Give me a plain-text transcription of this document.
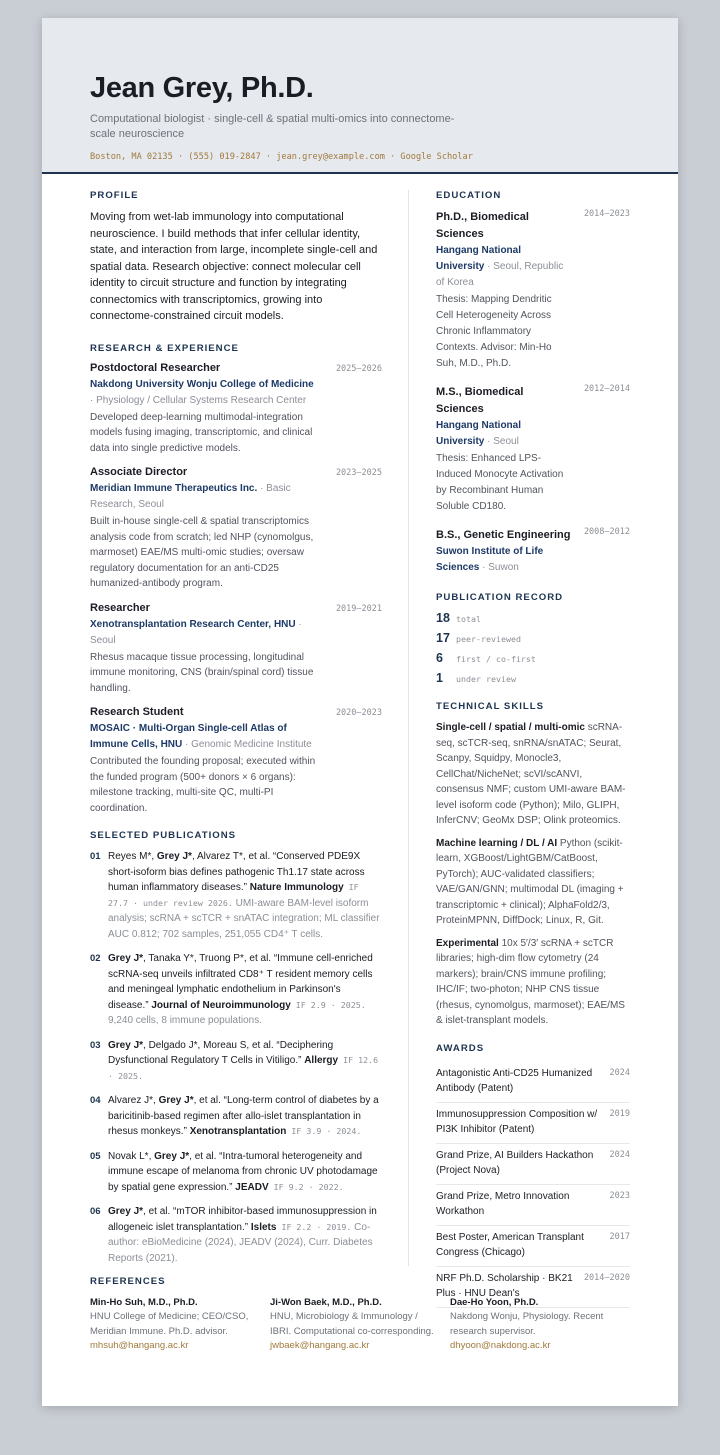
Jean Grey, Ph.D.
Computational biologist · single-cell & spatial multi-omics into connectome-scale neuroscience
Boston, MA 02135 · (555) 019-2847 · jean.grey@example.com · Google Scholar
PROFILE
Moving from wet-lab immunology into computational neuroscience. I build methods that infer cellular identity, state, and interaction from large, incomplete single-cell and spatial data. Research objective: connect molecular cell identity to circuit structure and function by integrating connectomics with transcriptomics, growing into connectome-constrained circuit models.
RESEARCH & EXPERIENCE
Postdoctoral Researcher	2025–2026
Nakdong University Wonju College of Medicine · Physiology / Cellular Systems Research Center
Developed deep-learning multimodal-integration models fusing imaging, transcriptomic, and clinical data into single predictive models.
Associate Director	2023–2025
Meridian Immune Therapeutics Inc. · Basic Research, Seoul
Built in-house single-cell & spatial transcriptomics analysis code from scratch; led NHP (cynomolgus, marmoset) EAE/MS multi-omic studies; oversaw regulatory documentation for an anti-CD25 humanized-antibody program.
Researcher	2019–2021
Xenotransplantation Research Center, HNU · Seoul
Rhesus macaque tissue processing, longitudinal immune monitoring, CNS (brain/spinal cord) tissue handling.
Research Student	2020–2023
MOSAIC · Multi-Organ Single-cell Atlas of Immune Cells, HNU · Genomic Medicine Institute
Contributed the founding proposal; executed within the funded program (500+ donors × 6 organs): milestone tracking, multi-site QC, multi-PI coordination.
SELECTED PUBLICATIONS
01 Reyes M*, Grey J*, Alvarez T*, et al. “Conserved PDE9X short-isoform bias defines pathogenic Th1.17 state across human inflammatory diseases.” Nature Immunology IF 27.7 · under review 2026. UMI-aware BAM-level isoform analysis; scRNA + scTCR + snATAC integration; ML classifier AUC 0.812; 702 samples, 251,055 CD4⁺ T cells.
02 Grey J*, Tanaka Y*, Truong P*, et al. “Immune cell-enriched scRNA-seq unveils infiltrated CD8⁺ T resident memory cells and meningeal lymphatic endothelium in Parkinson's disease.” Journal of Neuroimmunology IF 2.9 · 2025. 9,240 cells, 8 immune populations.
03 Grey J*, Delgado J*, Moreau S, et al. “Deciphering Dysfunctional Regulatory T Cells in Vitiligo.” Allergy IF 12.6 · 2025.
04 Alvarez J*, Grey J*, et al. “Long-term control of diabetes by a baricitinib-based regimen after allo-islet transplantation in rhesus monkeys.” Xenotransplantation IF 3.9 · 2024.
05 Novak L*, Grey J*, et al. “Intra-tumoral heterogeneity and immune escape of melanoma from chronic UV photodamage by spatial gene expression.” JEADV IF 9.2 · 2022.
06 Grey J*, et al. “mTOR inhibitor-based immunosuppression in allogeneic islet transplantation.” Islets IF 2.2 · 2019. Co-author: eBioMedicine (2024), JEADV (2024), Curr. Diabetes Reports (2021).
EDUCATION
Ph.D., Biomedical Sciences
2014–2023
Hangang National University · Seoul, Republic of Korea
Thesis: Mapping Dendritic Cell Heterogeneity Across Chronic Inflammatory Contexts. Advisor: Min-Ho Suh, M.D., Ph.D.
M.S., Biomedical Sciences
2012–2014
Hangang National University · Seoul
Thesis: Enhanced LPS-Induced Monocyte Activation by Recombinant Human Soluble CD180.
B.S., Genetic Engineering 2008–2012
Suwon Institute of Life Sciences · Suwon
PUBLICATION RECORD
18 total
17 peer-reviewed
6	first / co-first
1	under review
TECHNICAL SKILLS
Single-cell / spatial / multi-omic scRNA-seq, scTCR-seq, snRNA/snATAC; Seurat, Scanpy, Squidpy, Monocle3, CellChat/NicheNet; scVI/scANVI, consensus NMF; custom UMI-aware BAM-level isoform code (Python); Milo, GLIPH, InferCNV; GeoMx DSP; Olink proteomics.
Machine learning / DL / AI Python (scikit-learn, XGBoost/LightGBM/CatBoost, PyTorch); AUC-validated classifiers; VAE/GAN/GNN; multimodal DL (imaging + transcriptomic + clinical); AlphaFold2/3, ProteinMPNN, DiffDock; Linux, R, Git.
Experimental 10x 5′/3′ scRNA + scTCR libraries; high-dim flow cytometry (24 markers); brain/CNS immune profiling; IHC/IF; two-photon; NHP CNS tissue (rhesus, cynomolgus, marmoset); EAE/MS & islet-transplant models.
AWARDS
Antagonistic Anti-CD25 Humanized Antibody (Patent)
2024
Immunosuppression Composition w/ PI3K Inhibitor (Patent)
2019
Grand Prize, AI Builders Hackathon (Project Nova)
2024
Grand Prize, Metro Innovation Workathon
2023
Best Poster, American Transplant Congress (Chicago)
2017
NRF Ph.D. Scholarship · BK21 Plus · HNU Dean's
2014–2020
REFERENCES
Min-Ho Suh, M.D., Ph.D.
HNU College of Medicine; CEO/CSO, Meridian Immune. Ph.D. advisor.
mhsuh@hangang.ac.kr
Ji-Won Baek, M.D., Ph.D.
HNU, Microbiology & Immunology / IBRI. Computational co-corresponding.
jwbaek@hangang.ac.kr
Dae-Ho Yoon, Ph.D.
Nakdong Wonju, Physiology. Recent research supervisor.
dhyoon@nakdong.ac.kr
